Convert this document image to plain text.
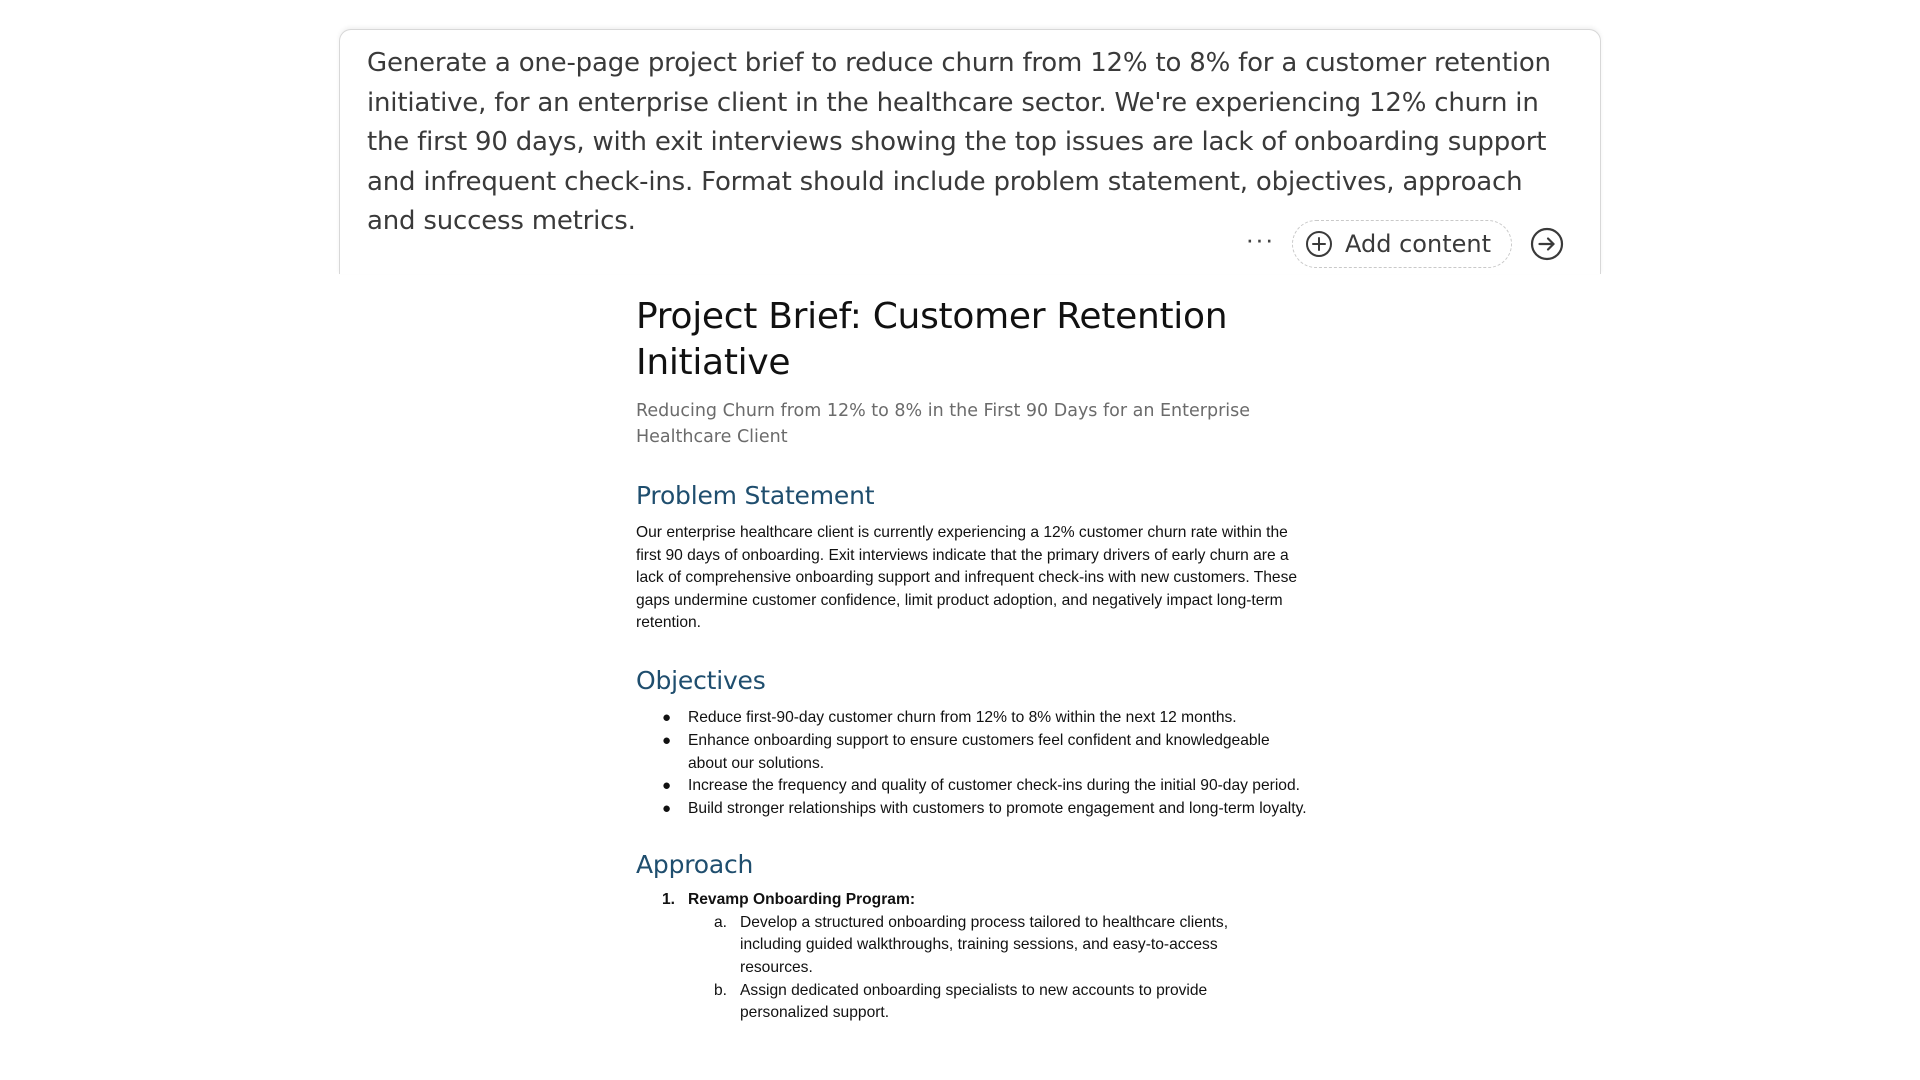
Generate a one-page project brief to reduce churn from 12% to 8% for a customer retention initiative, for an enterprise client in the healthcare sector. We're experiencing 12% churn in the first 90 days, with exit interviews showing the top issues are lack of onboarding support and infrequent check-ins. Format should include problem statement, objectives, approach and success metrics.

···	Add content
Project Brief: Customer Retention Initiative

Reducing Churn from 12% to 8% in the First 90 Days for an Enterprise Healthcare Client

Problem Statement

Our enterprise healthcare client is currently experiencing a 12% customer churn rate within the first 90 days of onboarding. Exit interviews indicate that the primary drivers of early churn are a lack of comprehensive onboarding support and infrequent check-ins with new customers. These gaps undermine customer confidence, limit product adoption, and negatively impact long-term retention.

Objectives
● Reduce first-90-day customer churn from 12% to 8% within the next 12 months.
● Enhance onboarding support to ensure customers feel confident and knowledgeable about our solutions.
● Increase the frequency and quality of customer check-ins during the initial 90-day period.
● Build stronger relationships with customers to promote engagement and long-term loyalty.
Approach
1. Revamp Onboarding Program:
a. Develop a structured onboarding process tailored to healthcare clients, including guided walkthroughs, training sessions, and easy-to-access resources.
b. Assign dedicated onboarding specialists to new accounts to provide personalized support.
